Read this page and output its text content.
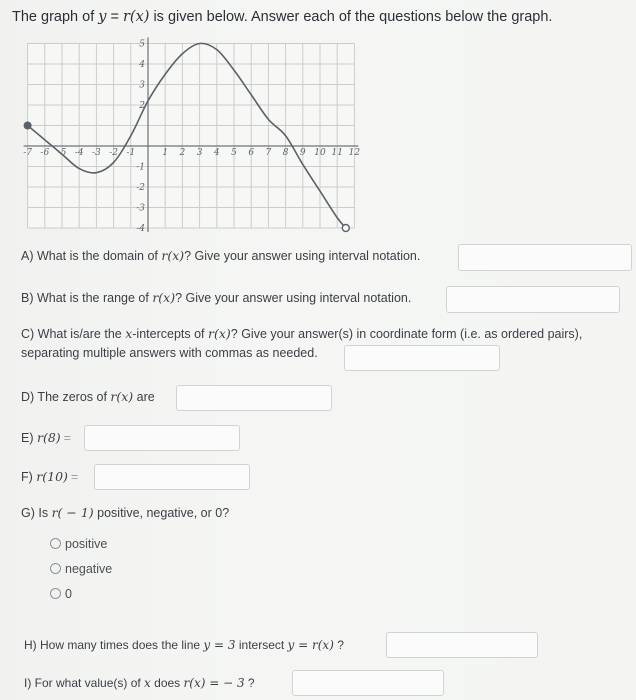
The graph of y = r(x) is given below. Answer each of the questions below the graph.
-7 -6 -5 -4 -3 -2 -1	1 2 3 4 5 6 7 8 9 10 11 12
5
4
3
2
-1
-2
-3
-4
A) What is the domain of r(x)? Give your answer using interval notation.
B) What is the range of r(x)? Give your answer using interval notation.
C) What is/are the x-intercepts of r(x)? Give your answer(s) in coordinate form (i.e. as ordered pairs),
separating multiple answers with commas as needed.
D) The zeros of r(x) are
E) r(8) =
F) r(10) =
G) Is r( − 1) positive, negative, or 0?
positive
negative
0
H) How many times does the line y = 3 intersect y = r(x) ?
I) For what value(s) of x does r(x) = − 3 ?
